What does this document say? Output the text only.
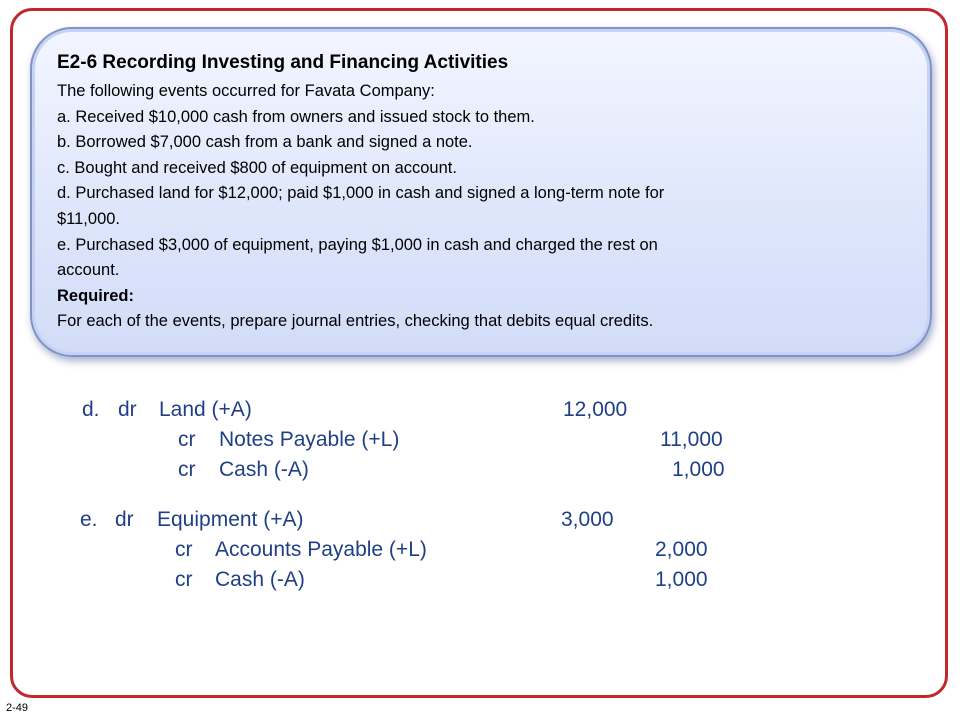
E2-6 Recording Investing and Financing Activities
The following events occurred for Favata Company:
a. Received $10,000 cash from owners and issued stock to them.
b. Borrowed $7,000 cash from a bank and signed a note.
c. Bought and received $800 of equipment on account.
d. Purchased land for $12,000; paid $1,000 in cash and signed a long-term note for
$11,000.
e. Purchased $3,000 of equipment, paying $1,000 in cash and charged the rest on
account.
Required:
For each of the events, prepare journal entries, checking that debits equal credits.
d. dr Land (+A)	12,000
cr Notes Payable (+L)	11,000
cr Cash (-A)	1,000
e. dr Equipment (+A)	3,000
cr Accounts Payable (+L)	2,000
cr Cash (-A)	1,000
2-49
